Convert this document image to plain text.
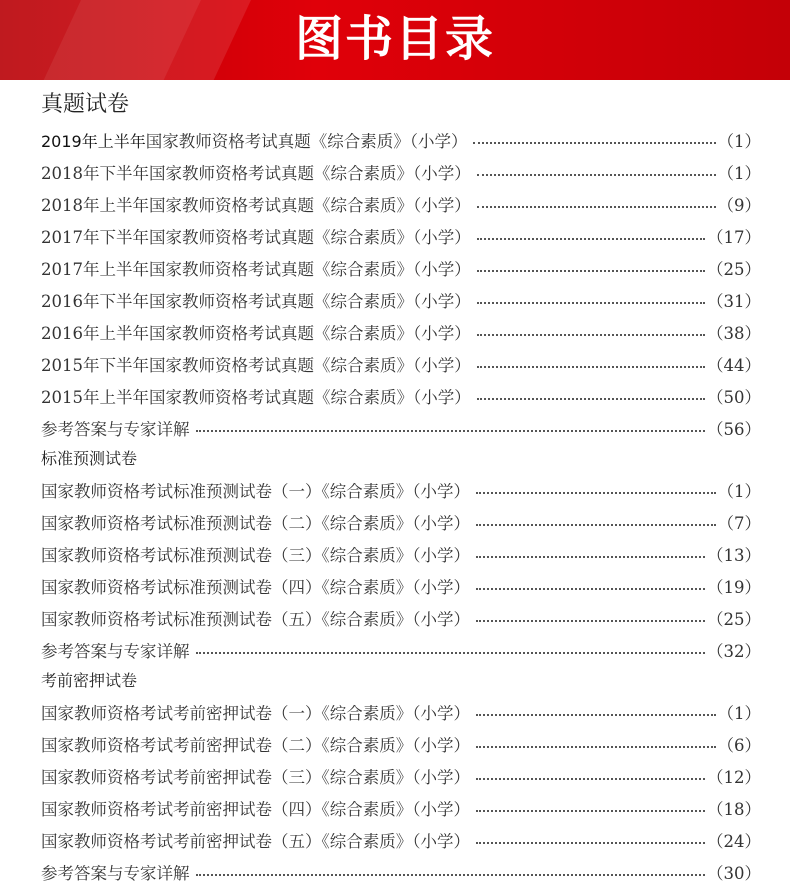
图书目录
真题试卷
2019年上半年国家教师资格考试真题《综合素质》（小学）	（1）
2018年下半年国家教师资格考试真题《综合素质》（小学）	（1）
2018年上半年国家教师资格考试真题《综合素质》（小学）	（9）
2017年下半年国家教师资格考试真题《综合素质》（小学）	（17）
2017年上半年国家教师资格考试真题《综合素质》（小学）	（25）
2016年下半年国家教师资格考试真题《综合素质》（小学）	（31）
2016年上半年国家教师资格考试真题《综合素质》（小学）	（38）
2015年下半年国家教师资格考试真题《综合素质》（小学）	（44）
2015年上半年国家教师资格考试真题《综合素质》（小学）	（50）
参考答案与专家详解	（56）
标准预测试卷
国家教师资格考试标准预测试卷（一）《综合素质》（小学）	（1）
国家教师资格考试标准预测试卷（二）《综合素质》（小学）	（7）
国家教师资格考试标准预测试卷（三）《综合素质》（小学）	（13）
国家教师资格考试标准预测试卷（四）《综合素质》（小学）	（19）
国家教师资格考试标准预测试卷（五）《综合素质》（小学）	（25）
参考答案与专家详解	（32）
考前密押试卷
国家教师资格考试考前密押试卷（一）《综合素质》（小学）	（1）
国家教师资格考试考前密押试卷（二）《综合素质》（小学）	（6）
国家教师资格考试考前密押试卷（三）《综合素质》（小学）	（12）
国家教师资格考试考前密押试卷（四）《综合素质》（小学）	（18）
国家教师资格考试考前密押试卷（五）《综合素质》（小学）	（24）
参考答案与专家详解	（30）
